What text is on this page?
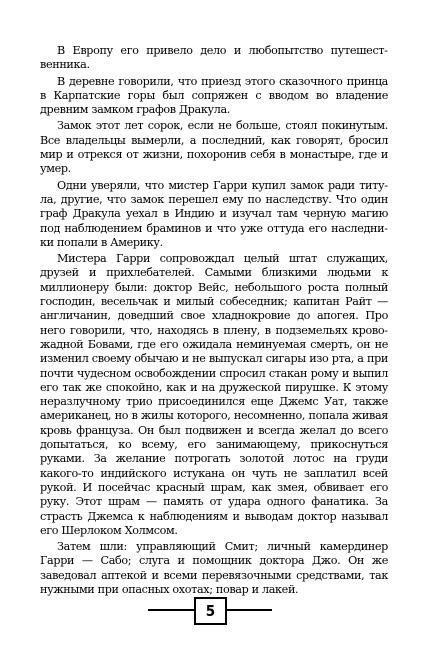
В Европу его привело дело и любопытство путешественника.

В деревне говорили, что приезд этого сказочного принца в Карпатские горы был сопряжен с вводом во владение древним замком графов Дракула.

Замок этот лет сорок, если не больше, стоял покинутым. Все владельцы вымерли, а последний, как говорят, бросил мир и отрекся от жизни, похоронив себя в монастыре, где и умер.

Одни уверяли, что мистер Гарри купил замок ради титула, другие, что замок перешел ему по наследству. Что один граф Дракула уехал в Индию и изучал там черную магию под наблюдением браминов и что уже оттуда его наследники попали в Америку.

Мистера Гарри сопровождал целый штат служащих, друзей и прихлебателей. Самыми близкими людьми к миллионеру были: доктор Вейс, небольшого роста полный господин, весельчак и милый собеседник; капитан Райт — англичанин, доведший свое хладнокровие до апогея. Про него говорили, что, находясь в плену, в подземельях кровожадной Бовами, где его ожидала неминуемая смерть, он не изменил своему обычаю и не выпускал сигары изо рта, а при почти чудесном освобождении спросил стакан рому и выпил его так же спокойно, как и на дружеской пирушке. К этому неразлучному трио присоединился еще Джемс Уат, также американец, но в жилы которого, несомненно, попала живая кровь француза. Он был подвижен и всегда желал до всего допытаться, ко всему, его занимающему, прикоснуться руками. За желание потрогать золотой лотос на груди какого-то индийского истукана он чуть не заплатил всей рукой. И посейчас красный шрам, как змея, обвивает его руку. Этот шрам — память от удара одного фанатика. За страсть Джемса к наблюдениям и выводам доктор называл его Шерлоком Холмсом.

Затем шли: управляющий Смит; личный камердинер Гарри — Сабо; слуга и помощник доктора Джо. Он же заведовал аптекой и всеми перевязочными средствами, так нужными при опасных охотах; повар и лакей.

5
